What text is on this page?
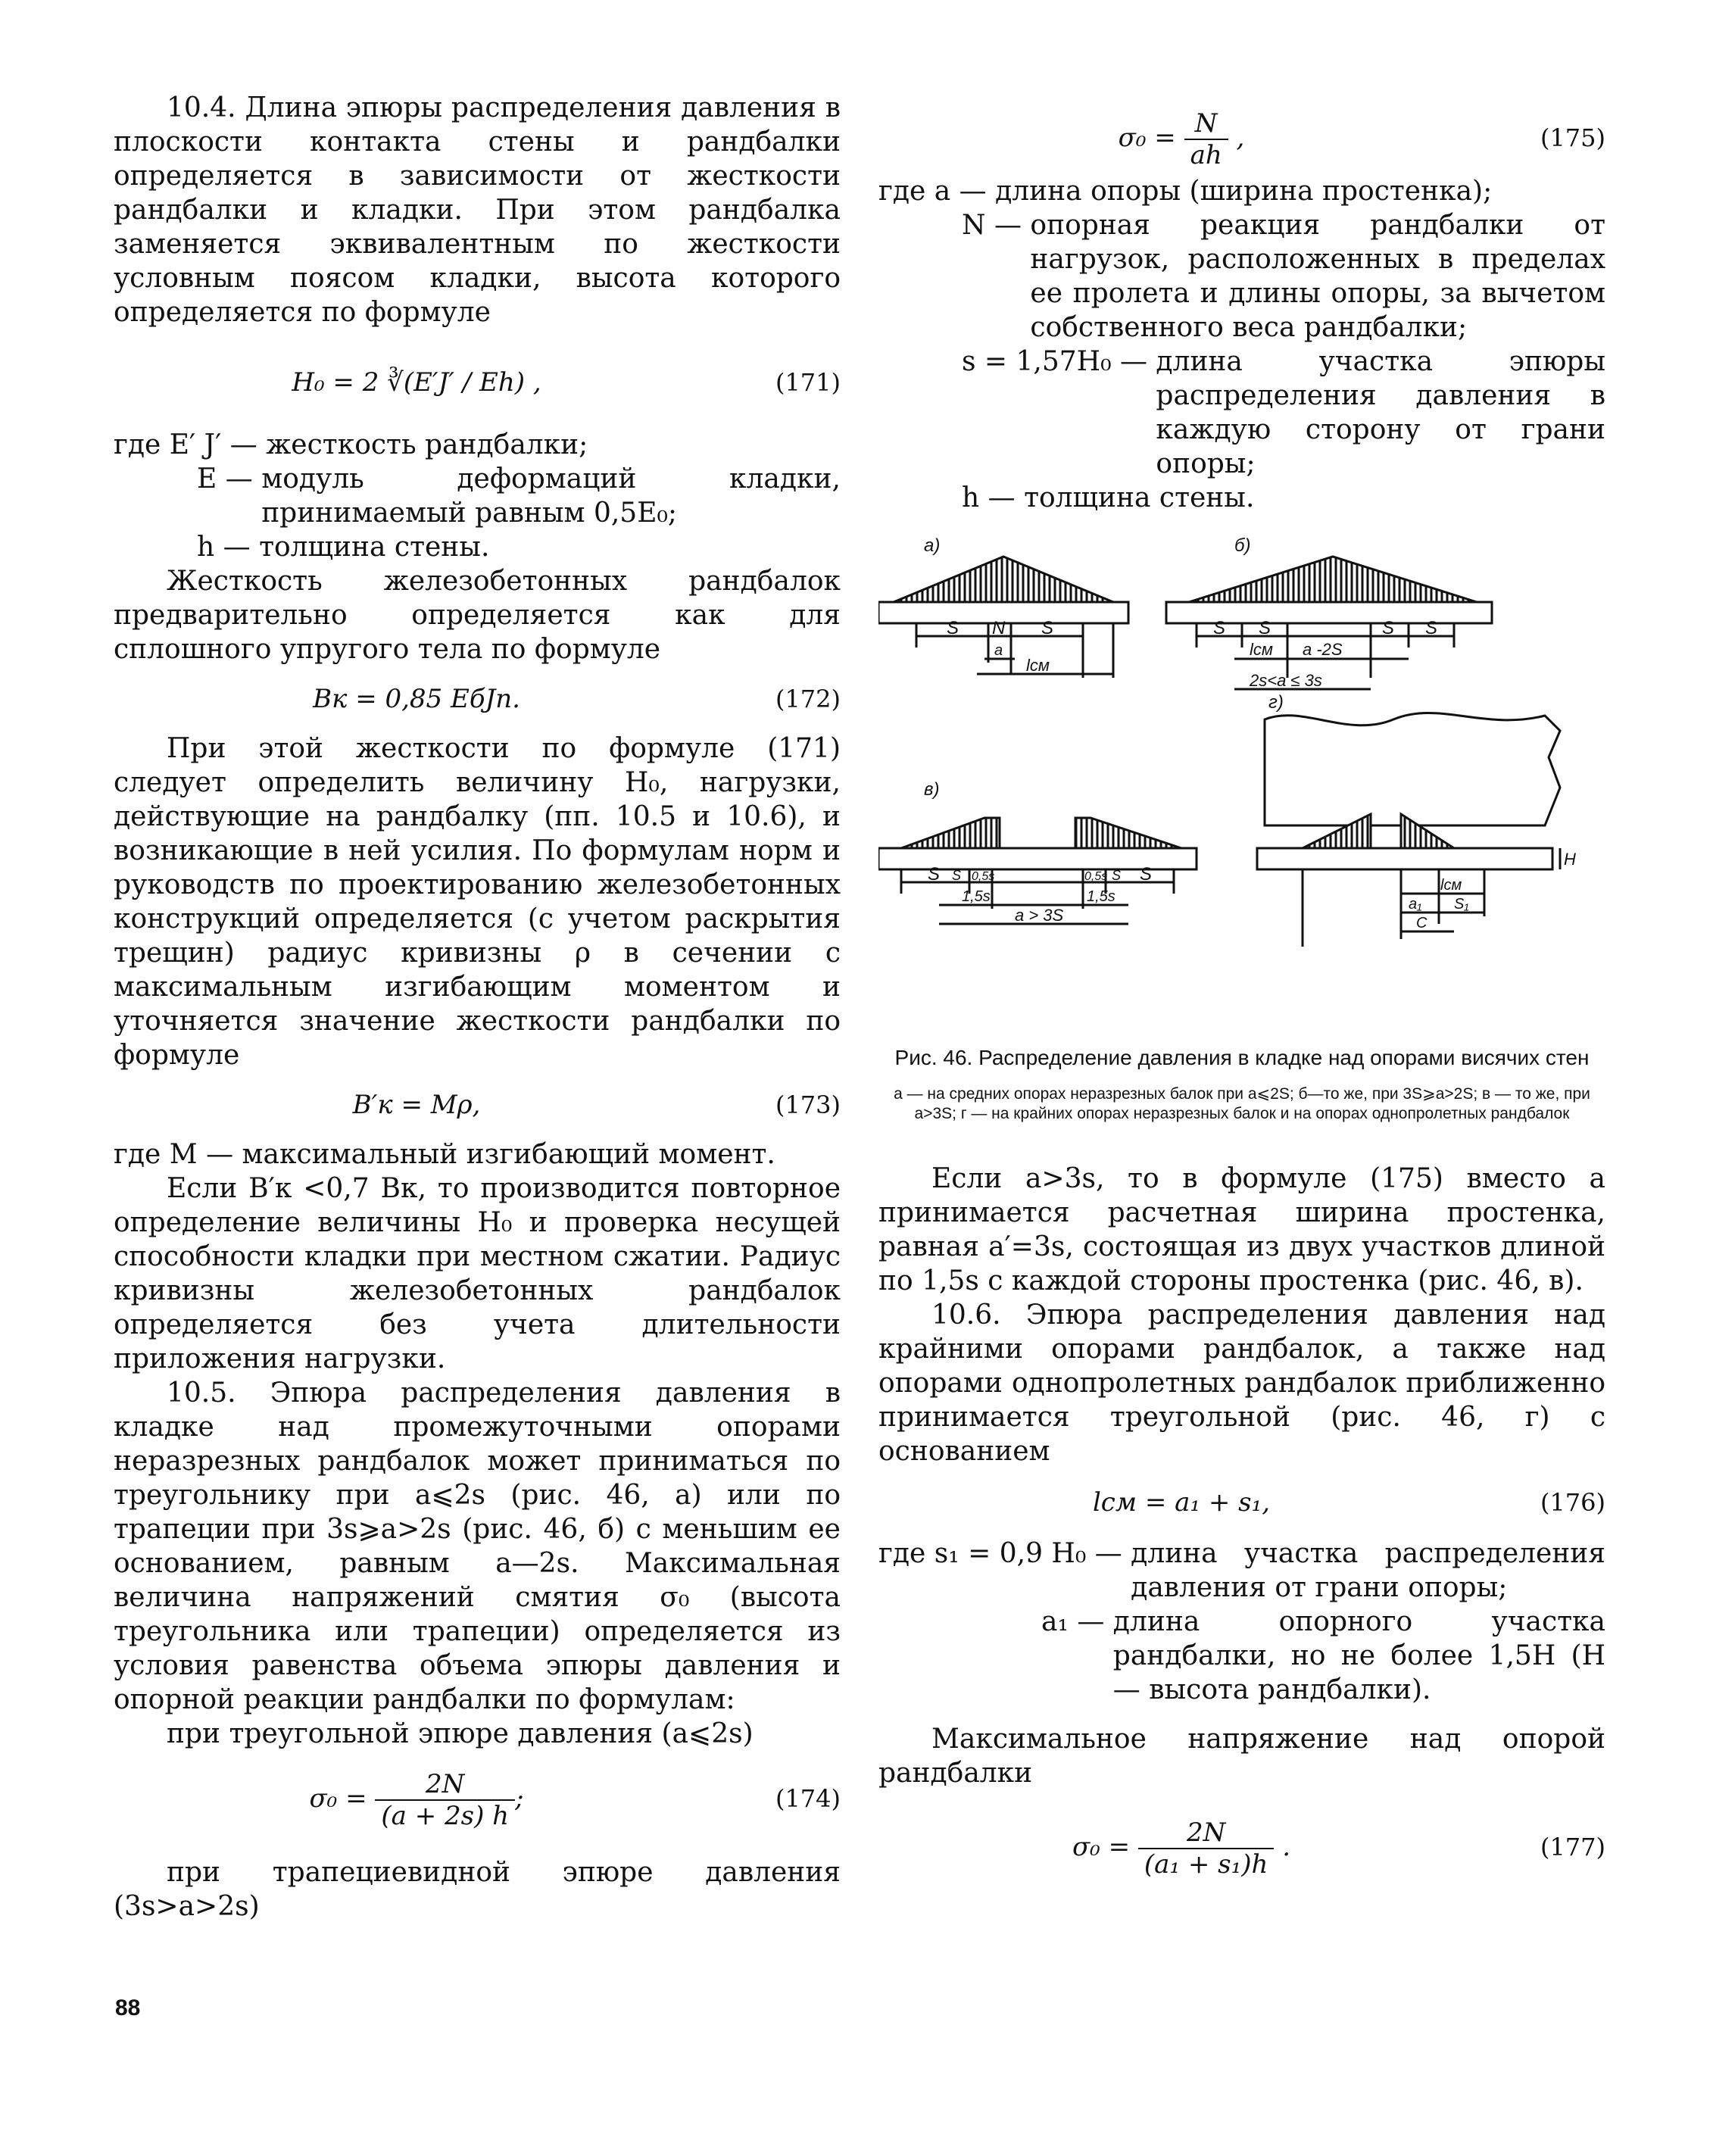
10.4. Длина эпюры распределения давления в плоскости контакта стены и рандбалки определяется в зависимости от жесткости рандбалки и кладки. При этом рандбалка заменяется эквивалентным по жесткости условным поясом кладки, высота которого определяется по формуле

H₀ = 2 ∛(E′J′ / Eh) ,	(171)
где E′ J′ —
жесткость рандбалки;
E —
модуль деформаций кладки, принимаемый равным 0,5E₀;
h —
толщина стены.

Жесткость железобетонных рандбалок предварительно определяется как для сплошного упругого тела по формуле

Bк = 0,85 EбJп.	(172)

При этой жесткости по формуле (171) следует определить величину H₀, нагрузки, действующие на рандбалку (пп. 10.5 и 10.6), и возникающие в ней усилия. По формулам норм и руководств по проектированию железобетонных конструкций определяется (с учетом раскрытия трещин) радиус кривизны ρ в сечении с максимальным изгибающим моментом и уточняется значение жесткости рандбалки по формуле

B′к = Mρ,	(173)

где M — максимальный изгибающий момент.

Если B′к <0,7 Bк, то производится повторное определение величины H₀ и проверка несущей способности кладки при местном сжатии. Радиус кривизны железобетонных рандбалок определяется без учета длительности приложения нагрузки.

10.5. Эпюра распределения давления в кладке над промежуточными опорами неразрезных рандбалок может приниматься по треугольнику при a⩽2s (рис. 46, а) или по трапеции при 3s⩾a>2s (рис. 46, б) с меньшим ее основанием, равным a—2s. Максимальная величина напряжений смятия σ₀ (высота треугольника или трапеции) определяется из условия равенства объема эпюры давления и опорной реакции рандбалки по формулам:

при треугольной эпюре давления (a⩽2s)

$\sigma_0 = \frac{2N}{(a + 2s) h}$ ;	(174)

при трапециевидной эпюре давления (3s>a>2s)

$\sigma_0 = \frac{N}{ah}$ ,	(175)
где a —
длина опоры (ширина простенка);
N —
опорная реакция рандбалки от нагрузок, расположенных в пределах ее пролета и длины опоры, за вычетом собственного веса рандбалки;
s = 1,57H₀ —
длина участка эпюры распределения давления в каждую сторону от грани опоры;
h —
толщина стены.
а)	б)
в)
г)
S N S
a
lсм
S S	S S
lсм a -2S
2s<a ≤ 3s
S S 0,5s	0,5s S S
1,5s	1,5s
a > 3S
H
lсм
a₁ S₁
C
Рис. 46. Распределение давления в кладке над опорами висячих стен
а — на средних опорах неразрезных балок при a⩽2S; б—то же, при 3S⩾a>2S; в — то же, при a>3S; г — на крайних опорах неразрезных балок и на опорах однопролетных рандбалок

Если a>3s, то в формуле (175) вместо a принимается расчетная ширина простенка, равная a′=3s, состоящая из двух участков длиной по 1,5s с каждой стороны простенка (рис. 46, в).

10.6. Эпюра распределения давления над крайними опорами рандбалок, а также над опорами однопролетных рандбалок приближенно принимается треугольной (рис. 46, г) с основанием

lсм = a₁ + s₁,	(176)
где s₁ = 0,9 H₀ —
длина участка распределения давления от грани опоры;
a₁ —
длина опорного участка рандбалки, но не более 1,5H (H — высота рандбалки).

Максимальное напряжение над опорой рандбалки

$\sigma_0 = \frac{2N}{\text{(a₁ + s₁)h}}$ .	(177)
88
